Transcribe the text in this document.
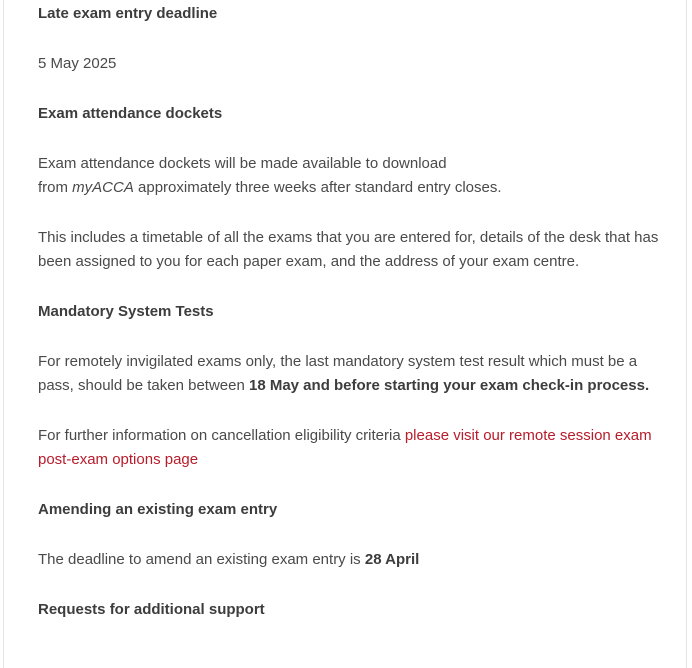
Late exam entry deadline

5 May 2025

Exam attendance dockets

Exam attendance dockets will be made available to download
from myACCA approximately three weeks after standard entry closes.

This includes a timetable of all the exams that you are entered for, details of the desk that has been assigned to you for each paper exam, and the address of your exam centre.

Mandatory System Tests

For remotely invigilated exams only, the last mandatory system test result which must be a pass, should be taken between 18 May and before starting your exam check-in process.

For further information on cancellation eligibility criteria please visit our remote session exam post-exam options page

Amending an existing exam entry

The deadline to amend an existing exam entry is 28 April

Requests for additional support
